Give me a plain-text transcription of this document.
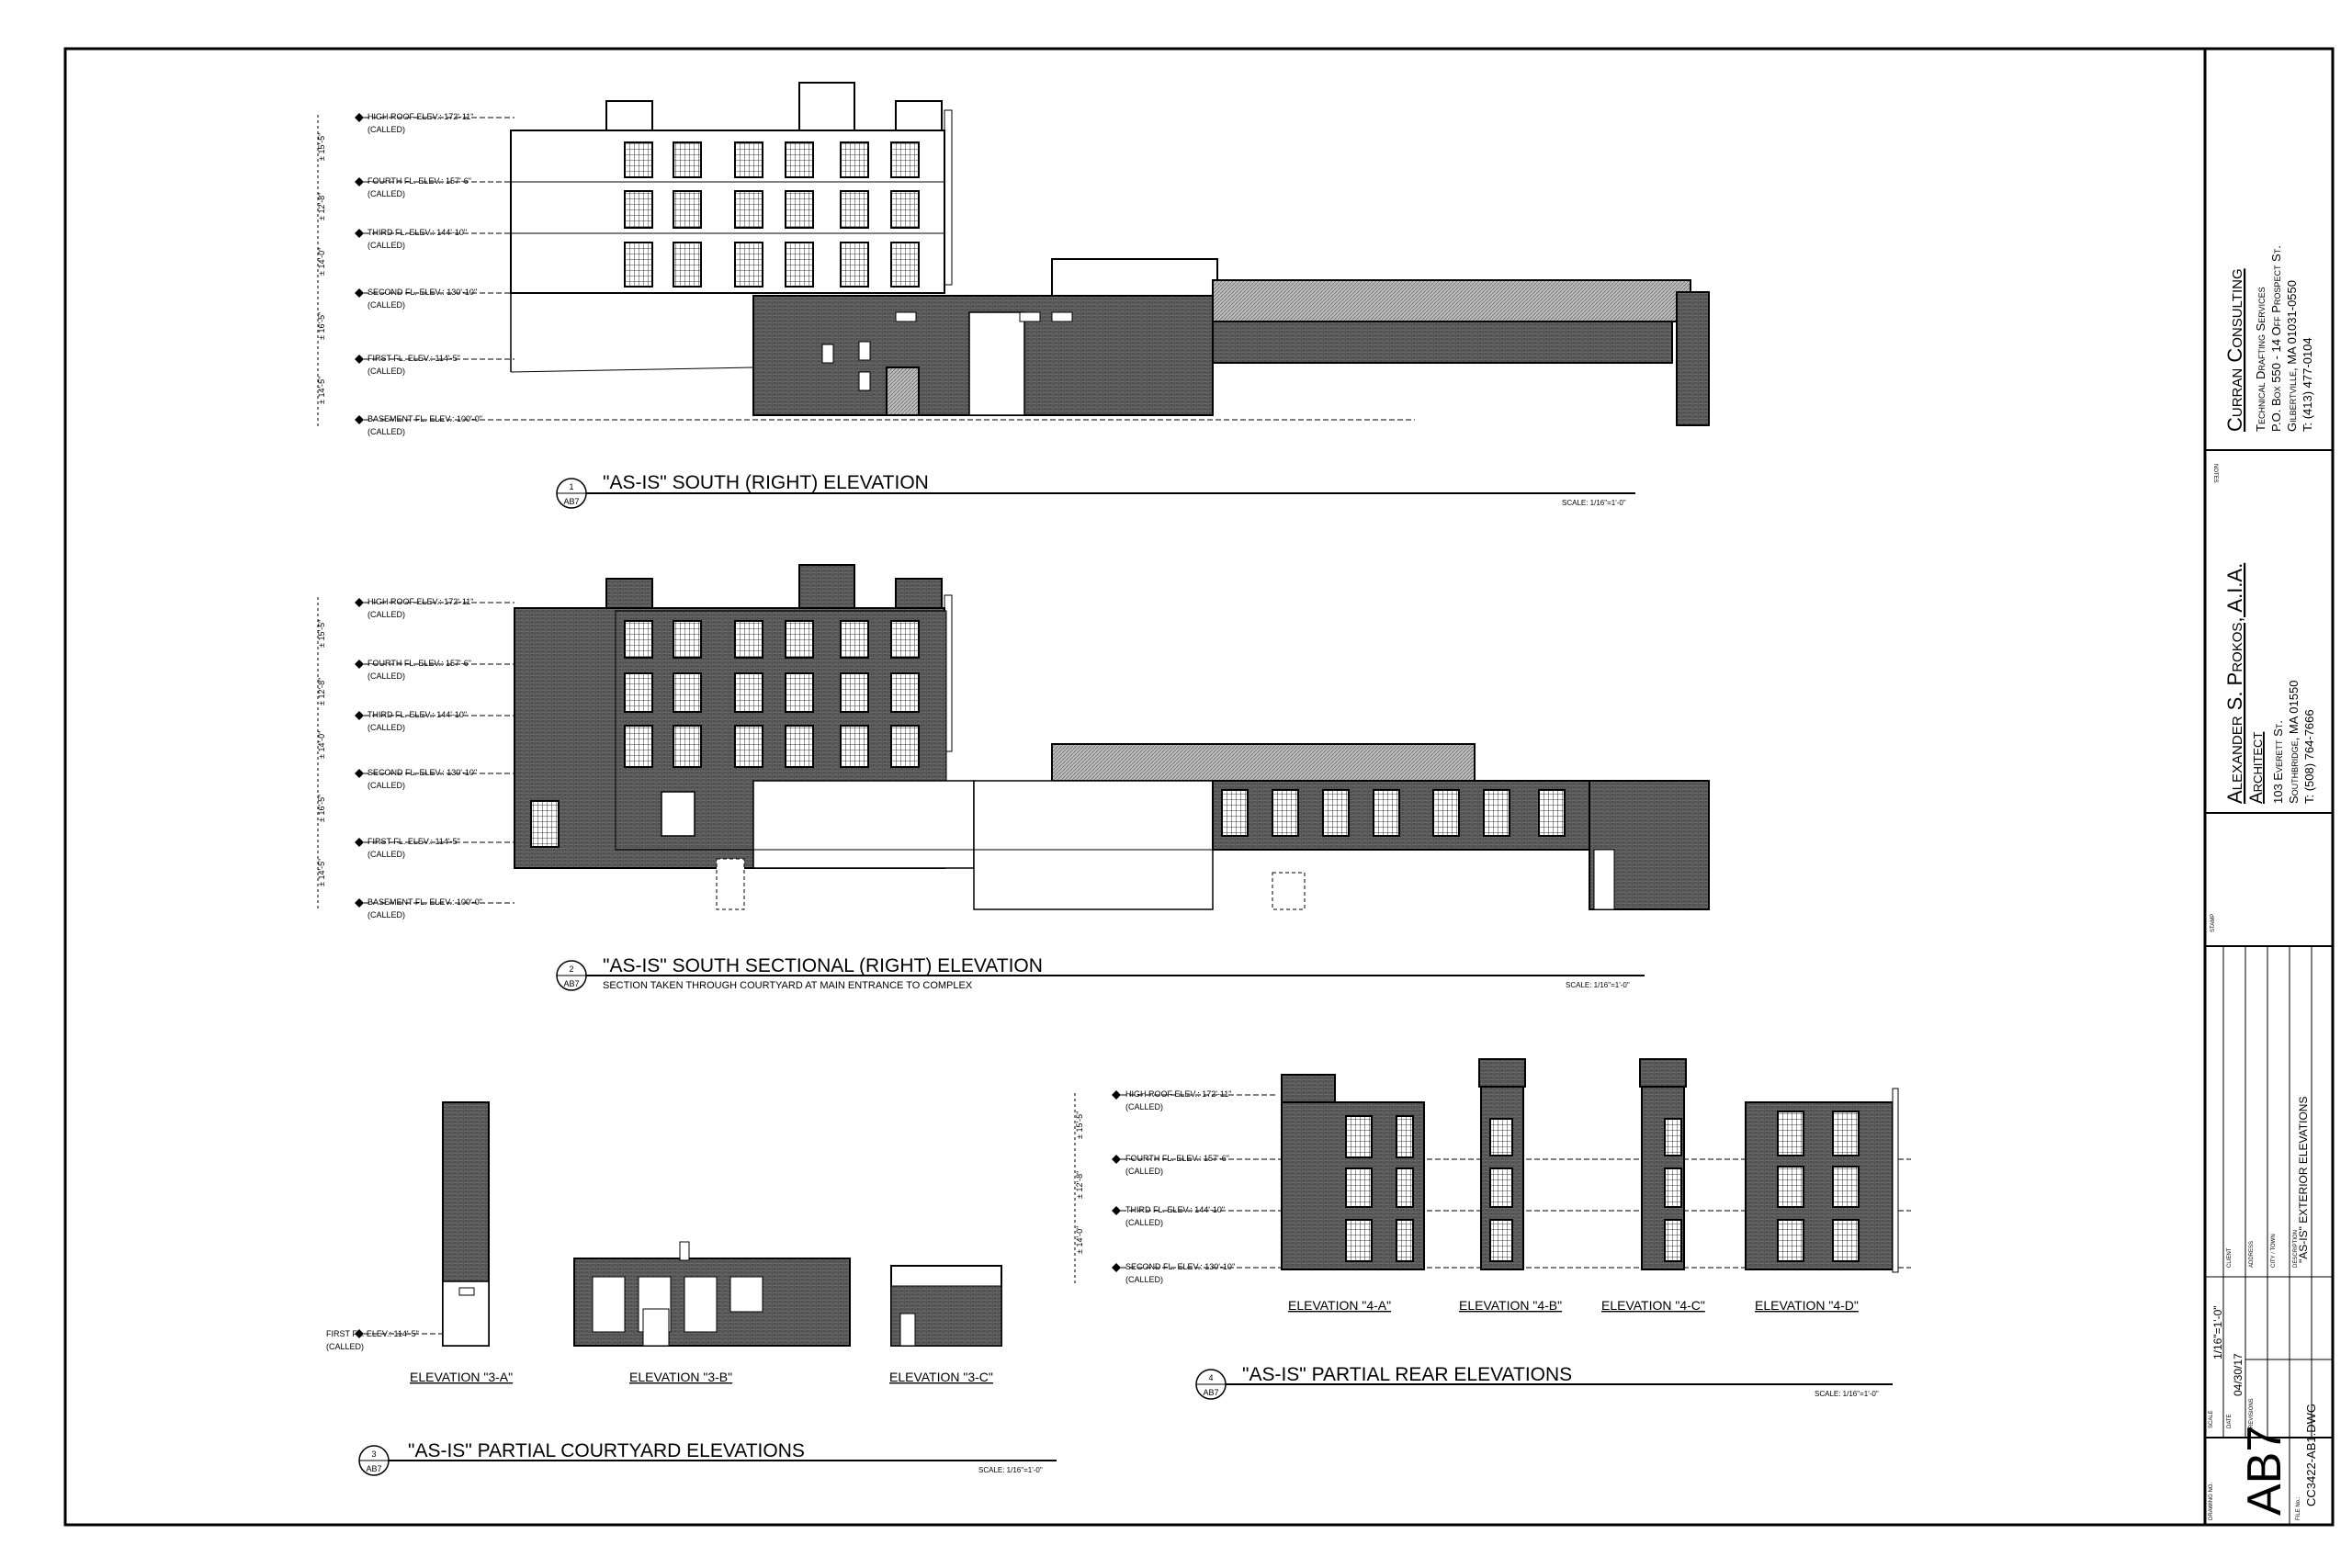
HIGH ROOF ELEV.: 172'-11"
(CALLED)
FOURTH FL. ELEV.: 157'-6"
(CALLED)
THIRD FL. ELEV.: 144'-10"
(CALLED)
SECOND FL. ELEV.: 130'-10"
(CALLED)
FIRST FL. ELEV.: 114'-5"
(CALLED)
BASEMENT FL. ELEV.: 100'-0"
(CALLED)
± 15'-5"
± 12'-8"
± 14'-0"
± 16'-5"
± 14'-5"
1
AB7
"AS-IS" SOUTH (RIGHT) ELEVATION
SCALE: 1/16"=1'-0"
HIGH ROOF ELEV.: 172'-11"
(CALLED)
FOURTH FL. ELEV.: 157'-6"
(CALLED)
THIRD FL. ELEV.: 144'-10"
(CALLED)
SECOND FL. ELEV.: 130'-10"
(CALLED)
FIRST FL. ELEV.: 114'-5"
(CALLED)
BASEMENT FL. ELEV.: 100'-0"
(CALLED)
± 15'-5"
± 12'-8"
± 14'-0"
± 16'-5"
± 14'-5"
2
AB7
"AS-IS" SOUTH SECTIONAL (RIGHT) ELEVATION
SECTION TAKEN THROUGH COURTYARD AT MAIN ENTRANCE TO COMPLEX	SCALE: 1/16"=1'-0"
FIRST FL. ELEV.: 114'-5"
(CALLED)
ELEVATION "3-A"	ELEVATION "3-B"	ELEVATION "3-C"
3
AB7
"AS-IS" PARTIAL COURTYARD ELEVATIONS
SCALE: 1/16"=1'-0"
HIGH ROOF ELEV.: 172'-11"
(CALLED)
FOURTH FL. ELEV.: 157'-6"
(CALLED)
THIRD FL. ELEV.: 144'-10"
(CALLED)
SECOND FL. ELEV.: 130'-10"
(CALLED)
± 15'-5"
± 12'-8"
± 14'-0"
ELEVATION "4-A"	ELEVATION "4-B"	ELEVATION "4-C"	ELEVATION "4-D"
4
AB7
"AS-IS" PARTIAL REAR ELEVATIONS
SCALE: 1/16"=1'-0"
Curran Consulting Technical Drafting Services P.O. Box 550 - 14 Off Prospect St. Gilbertville, MA 01031-0550 T: (413) 477-0104
NOTES
Alexander S. Prokos, A.I.A. Architect 103 Everett St. Southbridge, MA 01550 T: (508) 764-7666
STAMP
CLIENT	ADDRESS	CITY / TOWN	DESCRIPTION
"AS-IS" EXTERIOR ELEVATIONS
SCALE
1/16"=1'-0"
DATE
04/30/17
REVISIONS
DRAWING NO. AB7 FILE No.:
CC3422-AB1.DWG
